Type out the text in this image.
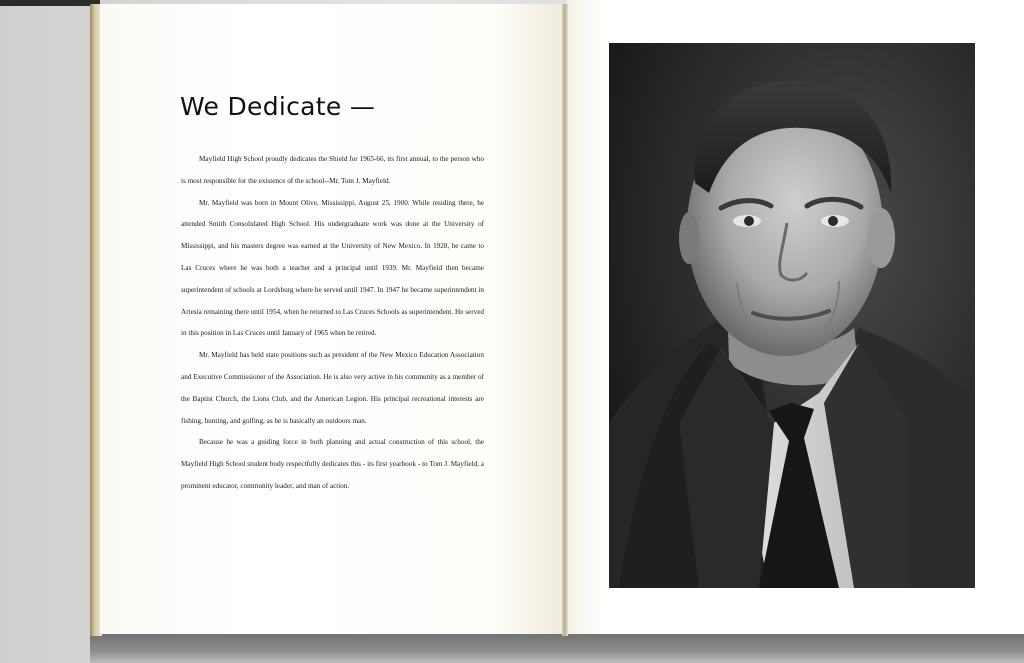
We Dedicate —

Mayfield High School proudly dedicates the Shield for 1965-66, its first annual, to the person who is most responsible for the existence of the school--Mr. Tom J. Mayfield.

Mr. Mayfield was born in Mount Olive, Mississippi, August 25, 1900. While residing there, he attended Smith Consolidated High School. His undergraduate work was done at the University of Mississippi, and his masters degree was earned at the University of New Mexico. In 1928, he came to Las Cruces where he was both a teacher and a principal until 1939. Mr. Mayfield then became superintendent of schools at Lordsburg where he served until 1947. In 1947 he became superintendent in Artesia remaining there until 1954, when he returned to Las Cruces Schools as superintendent. He served in this position in Las Cruces until January of 1965 when he retired.

Mr. Mayfield has held state positions such as president of the New Mexico Education Association and Executive Commissioner of the Association. He is also very active in his community as a member of the Baptist Church, the Lions Club, and the American Legion. His principal recreational interests are fishing, hunting, and golfing, as he is basically an outdoors man.

Because he was a guiding force in both planning and actual construction of this school, the Mayfield High School student body respectfully dedicates this - its first yearbook - to Tom J. Mayfield, a prominent educator, community leader, and man of action.
